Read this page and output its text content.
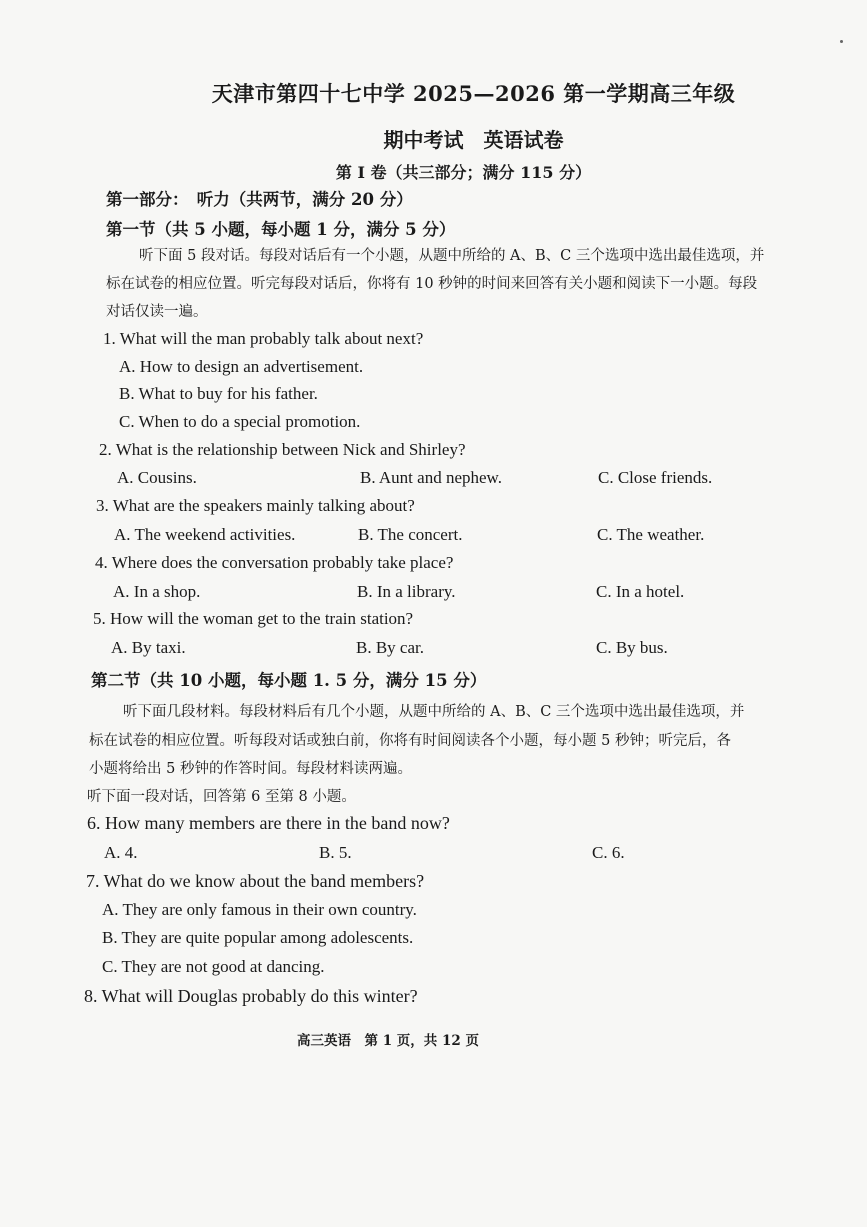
天津市第四十七中学 2025—2026 第一学期高三年级
期中考试　英语试卷
第 I 卷（共三部分；满分 115 分）
第一部分：　听力（共两节，满分 20 分）
第一节（共 5 小题，每小题 1 分，满分 5 分）
听下面 5 段对话。每段对话后有一个小题，从题中所给的 A、B、C 三个选项中选出最佳选项，并
标在试卷的相应位置。听完每段对话后，你将有 10 秒钟的时间来回答有关小题和阅读下一小题。每段
对话仅读一遍。
1. What will the man probably talk about next?
A. How to design an advertisement.
B. What to buy for his father.
C. When to do a special promotion.
2. What is the relationship between Nick and Shirley?
A. Cousins.	B. Aunt and nephew.	C. Close friends.
3. What are the speakers mainly talking about?
A. The weekend activities.	B. The concert.	C. The weather.
4. Where does the conversation probably take place?
A. In a shop.	B. In a library.	C. In a hotel.
5. How will the woman get to the train station?
A. By taxi.	B. By car.	C. By bus.
第二节（共 10 小题，每小题 1. 5 分，满分 15 分）
听下面几段材料。每段材料后有几个小题，从题中所给的 A、B、C 三个选项中选出最佳选项，并
标在试卷的相应位置。听每段对话或独白前，你将有时间阅读各个小题，每小题 5 秒钟；听完后，各
小题将给出 5 秒钟的作答时间。每段材料读两遍。
听下面一段对话，回答第 6 至第 8 小题。
6. How many members are there in the band now?
A. 4.	B. 5.	C. 6.
7. What do we know about the band members?
A. They are only famous in their own country.
B. They are quite popular among adolescents.
C. They are not good at dancing.
8. What will Douglas probably do this winter?
高三英语　第 1 页，共 12 页
